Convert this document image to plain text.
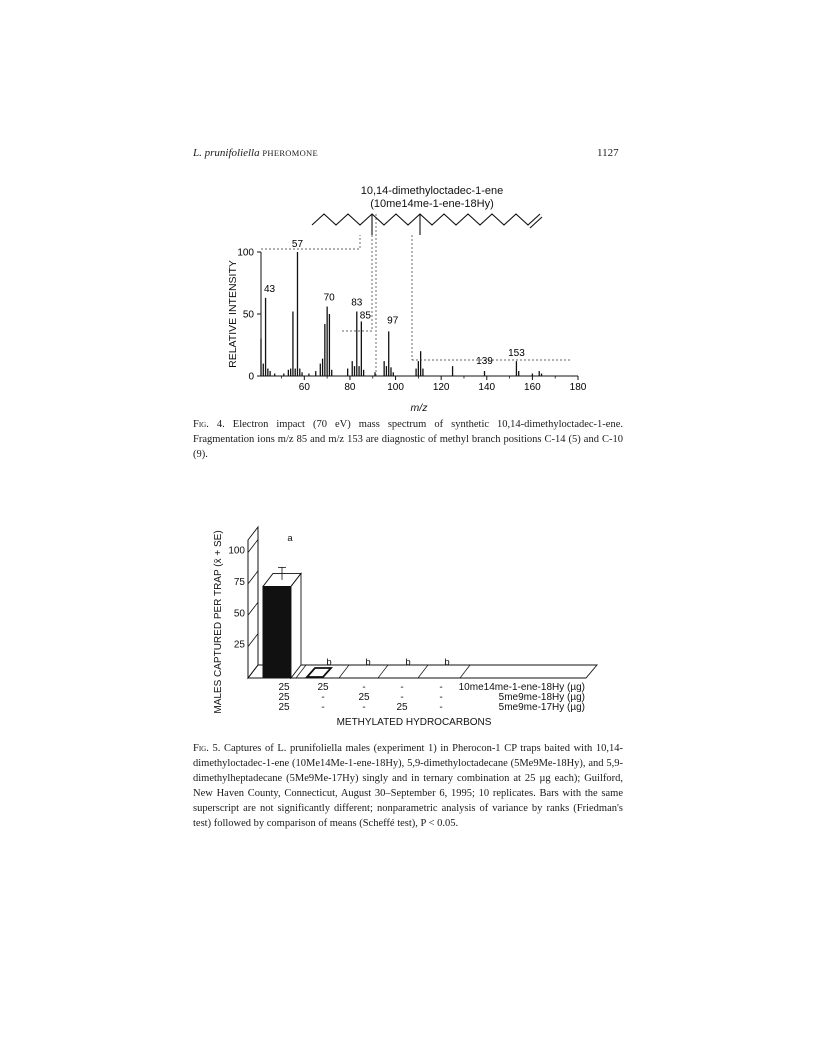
L. prunifoliella PHEROMONE	1127
10,14-dimethyloctadec-1-ene
(10me14me-1-ene-18Hy)
0
50
100
60	80	100	120	140	160	180
RELATIVE INTENSITY
m/z
43
57
70 83
85 97
139
153
Fig. 4. Electron impact (70 eV) mass spectrum of synthetic 10,14-dimethyloctadec-1-ene. Fragmentation ions m/z 85 and m/z 153 are diagnostic of methyl branch positions C-14 (5) and C-10 (9).
25
50
75
100
a
b	b	b	b
25	25	-	-	- 10me14me-1-ene-18Hy (µg)
25	-	25	-	-	5me9me-18Hy (µg)
25	-	-	25	-	5me9me-17Hy (µg)
MALES CAPTURED PER TRAP (x̄ + SE)
METHYLATED HYDROCARBONS
Fig. 5. Captures of L. prunifoliella males (experiment 1) in Pherocon-1 CP traps baited with 10,14-dimethyloctadec-1-ene (10Me14Me-1-ene-18Hy), 5,9-dimethyloctadecane (5Me9Me-18Hy), and 5,9-dimethylheptadecane (5Me9Me-17Hy) singly and in ternary combination at 25 µg each); Guilford, New Haven County, Connecticut, August 30–September 6, 1995; 10 replicates. Bars with the same superscript are not significantly different; nonparametric analysis of variance by ranks (Friedman's test) followed by comparison of means (Scheffé test), P < 0.05.
